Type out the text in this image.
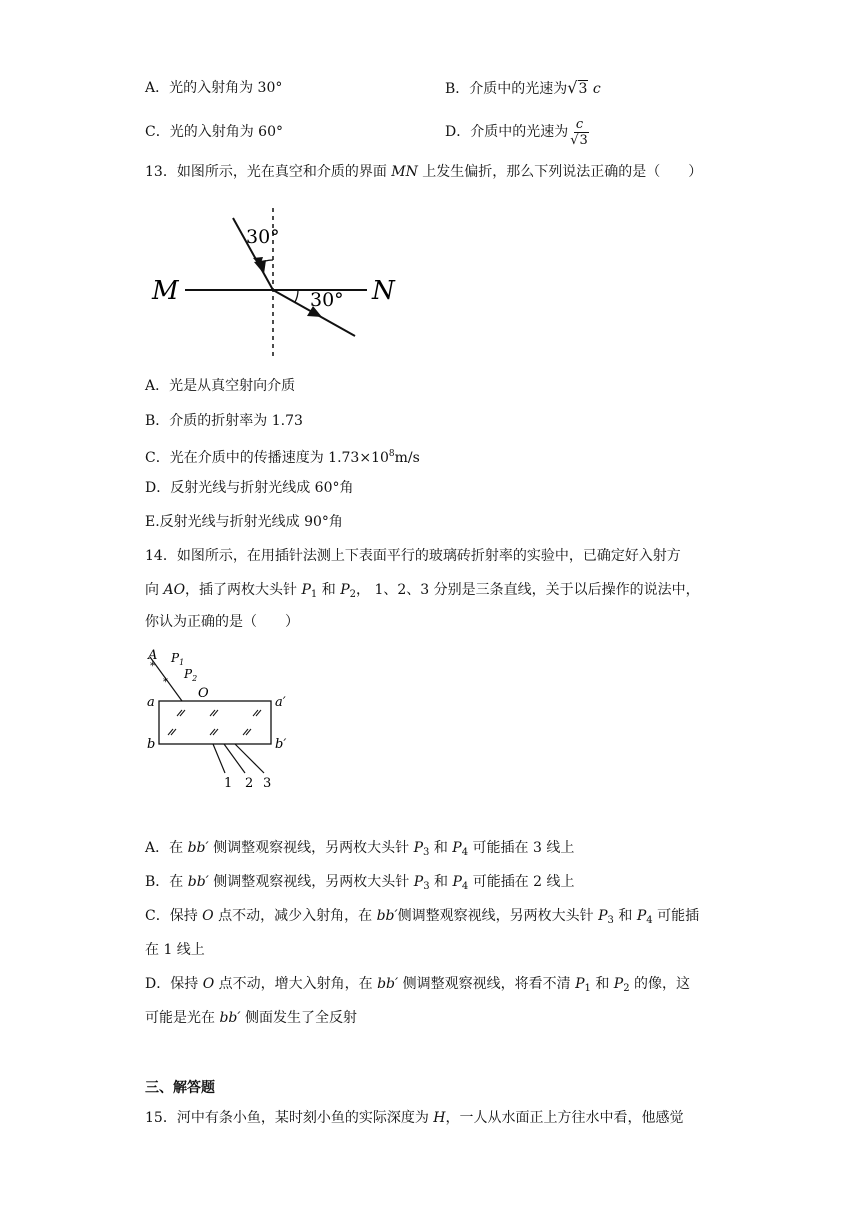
A．光的入射角为 30°	B．介质中的光速为√3 c
C．光的入射角为 60°	D．介质中的光速为 $\frac{c}{√3}$
13．如图所示，光在真空和介质的界面 MN 上发生偏折，那么下列说法正确的是（　　）
30°
30°
M	N
A．光是从真空射向介质
B．介质的折射率为 1.73
C．光在介质中的传播速度为 $1.73\times 10^8m/s$
D．反射光线与折射光线成 60°角
E.反射光线与折射光线成 90°角
14．如图所示，在用插针法测上下表面平行的玻璃砖折射率的实验中，已确定好入射方
向 AO，插了两枚大头针 $P_1$ 和 $P_2$， 1、2、3 分别是三条直线，关于以后操作的说法中，
你认为正确的是（　　）
*
*
A $P_1$
$P_2$
O
a	a′
b	b′
1 2 3
A．在 bb′ 侧调整观察视线，另两枚大头针 $P_3$ 和 $P_4$ 可能插在 3 线上
B．在 bb′ 侧调整观察视线，另两枚大头针 $P_3$ 和 $P_4$ 可能插在 2 线上
C．保持 O 点不动，减少入射角，在 bb′侧调整观察视线，另两枚大头针 $P_3$ 和 $P_4$ 可能插
在 1 线上
D．保持 O 点不动，增大入射角，在 bb′ 侧调整观察视线，将看不清 $P_1$ 和 $P_2$ 的像，这
可能是光在 bb′ 侧面发生了全反射
三、解答题
15．河中有条小鱼，某时刻小鱼的实际深度为 H，一人从水面正上方往水中看，他感觉
